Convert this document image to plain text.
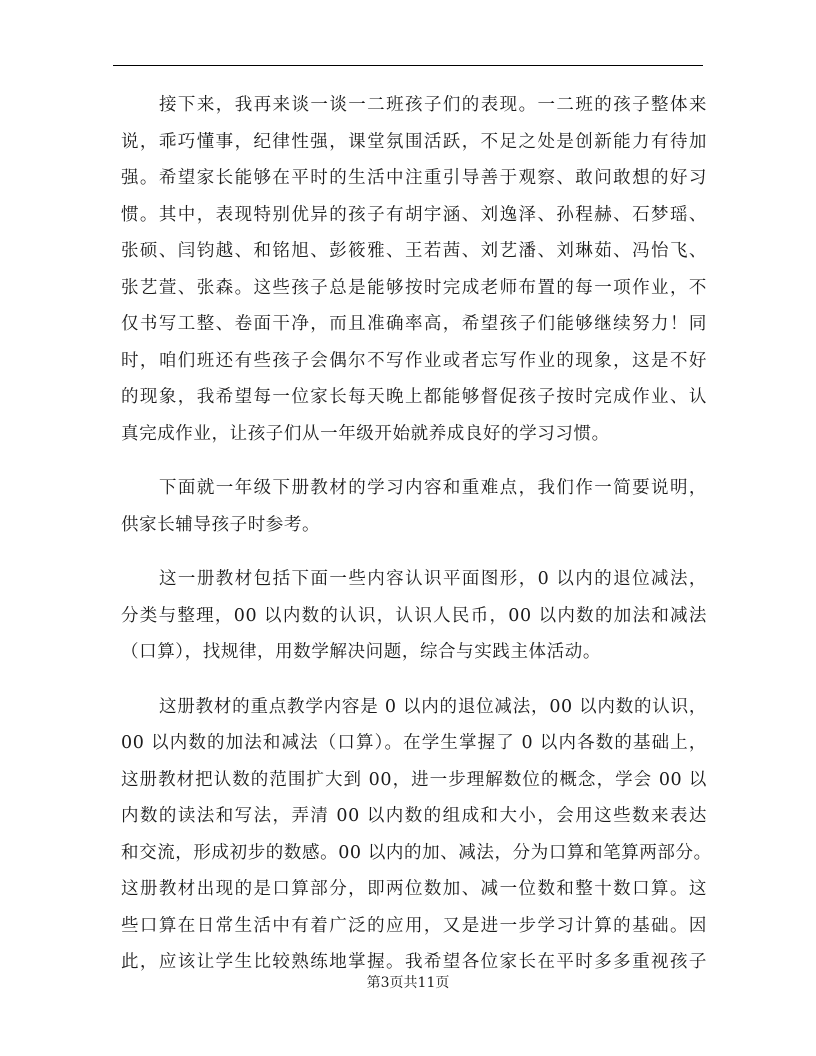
接下来，我再来谈一谈一二班孩子们的表现。一二班的孩子整体来
说，乖巧懂事，纪律性强，课堂氛围活跃，不足之处是创新能力有待加
强。希望家长能够在平时的生活中注重引导善于观察、敢问敢想的好习
惯。其中，表现特别优异的孩子有胡宇涵、刘逸泽、孙程赫、石梦瑶、
张硕、闫钧越、和铭旭、彭筱雅、王若茜、刘艺潘、刘琳茹、冯怡飞、
张艺萱、张森。这些孩子总是能够按时完成老师布置的每一项作业，不
仅书写工整、卷面干净，而且准确率高，希望孩子们能够继续努力！同
时，咱们班还有些孩子会偶尔不写作业或者忘写作业的现象，这是不好
的现象，我希望每一位家长每天晚上都能够督促孩子按时完成作业、认
真完成作业，让孩子们从一年级开始就养成良好的学习习惯。
下面就一年级下册教材的学习内容和重难点，我们作一简要说明，
供家长辅导孩子时参考。
这一册教材包括下面一些内容认识平面图形，0 以内的退位减法，
分类与整理，00 以内数的认识，认识人民币，00 以内数的加法和减法
（口算），找规律，用数学解决问题，综合与实践主体活动。
这册教材的重点教学内容是 0 以内的退位减法，00 以内数的认识，
00 以内数的加法和减法（口算）。在学生掌握了 0 以内各数的基础上，
这册教材把认数的范围扩大到 00，进一步理解数位的概念，学会 00 以
内数的读法和写法，弄清 00 以内数的组成和大小，会用这些数来表达
和交流，形成初步的数感。00 以内的加、减法，分为口算和笔算两部分。
这册教材出现的是口算部分，即两位数加、减一位数和整十数口算。这
些口算在日常生活中有着广泛的应用，又是进一步学习计算的基础。因
此，应该让学生比较熟练地掌握。我希望各位家长在平时多多重视孩子
第3页共11页
